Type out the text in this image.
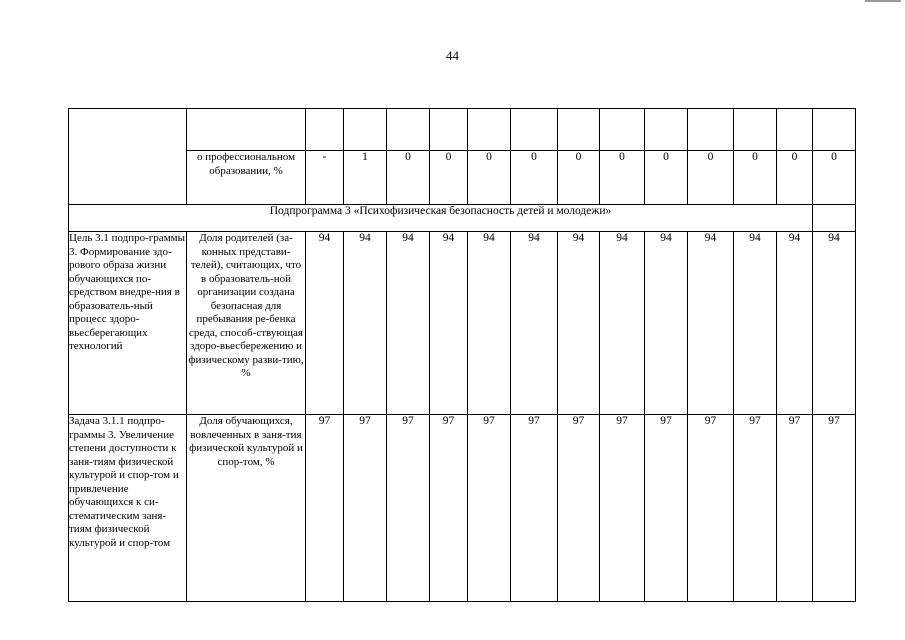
44

	о профессиональном образовании, %	-	1	0	0	0	0	0	0	0	0	0	0	0
Подпрограмма 3 «Психофизическая безопасность детей и молодежи»														
Цель 3.1 подпро-граммы 3. Формирование здо-рового образа жизни обучающихся по-средством внедре-ния в образователь-ный процесс здоро-вьесберегающих технологий	Доля родителей (за-конных представи-телей), считающих, что в образователь-ной организации создана безопасная для пребывания ре-бенка среда, способ-ствующая здоро-вьесбережению и физическому разви-тию, %	94	94	94	94	94	94	94	94	94	94	94	94	94
Задача 3.1.1 подпро-граммы 3. Увеличение степени доступности к заня-тиям физической культурой и спор-том и привлечение обучающихся к си-стематическим заня-тиям физической культурой и спор-том	Доля обучающихся, вовлеченных в заня-тия физической культурой и спор-том, %	97	97	97	97	97	97	97	97	97	97	97	97	97
